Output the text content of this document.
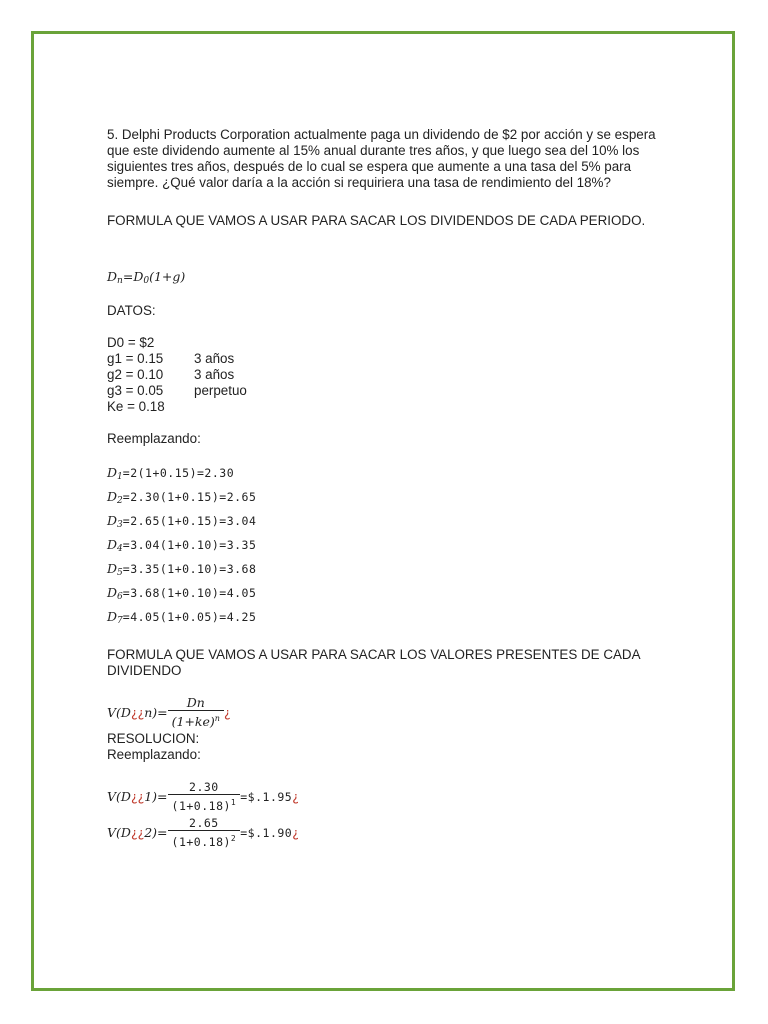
5. Delphi Products Corporation actualmente paga un dividendo de $2 por acción y se espera que este dividendo aumente al 15% anual durante tres años, y que luego sea del 10% los siguientes tres años, después de lo cual se espera que aumente a una tasa del 5% para siempre. ¿Qué valor daría a la acción si requiriera una tasa de rendimiento del 18%?

FORMULA QUE VAMOS A USAR PARA SACAR LOS DIVIDENDOS DE CADA PERIODO.

$D_n=D_0(1+g)$

DATOS:

D0 = $2
g1 = 0.15	3 años
g2 = 0.10	3 años
g3 = 0.05	perpetuo
Ke = 0.18

Reemplazando:

$D_1=2(1+0.15)=2.30$
$D_2=2.30(1+0.15)=2.65$
$D_3=2.65(1+0.15)=3.04$
$D_4=3.04(1+0.10)=3.35$
$D_5=3.35(1+0.10)=3.68$
$D_6=3.68(1+0.10)=4.05$
$D_7=4.05(1+0.05)=4.25$

FORMULA QUE VAMOS A USAR PARA SACAR LOS VALORES PRESENTES DE CADA DIVIDENDO

V(D ¿¿ $n)= \frac{Dn}{(1+ke)^n}$ ¿

RESOLUCION:

Reemplazando:

V(D ¿¿ $1)= \frac{2.30}{(1+0.18)^1}$ =$.1.95 ¿
V(D ¿¿ $2)= \frac{2.65}{(1+0.18)^2}$ =$.1.90 ¿
